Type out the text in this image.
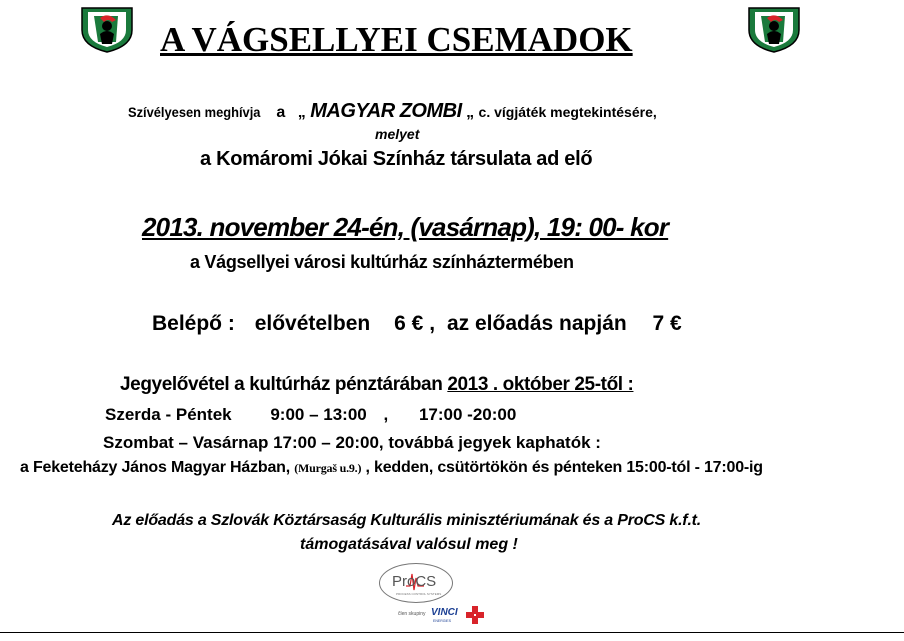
A VÁGSELLYEI CSEMADOK
Szívélyesen meghívja a „ MAGYAR ZOMBI „ c. vígjáték megtekintésére,
melyet
a Komáromi Jókai Színház társulata ad elő
2013. november 24-én, (vasárnap), 19: 00- kor
a Vágsellyei városi kultúrház színháztermében
Belépő : elővételben 6 € , az előadás napján 7 €
Jegyelővétel a kultúrház pénztárában 2013 . október 25-től :
Szerda - Péntek 9:00 – 13:00 , 17:00 -20:00
Szombat – Vasárnap 17:00 – 20:00, továbbá jegyek kaphatók :
a Feketeházy János Magyar Házban, (Murgaš u.9.) , kedden, csütörtökön és pénteken 15:00-tól - 17:00-ig
Az előadás a Szlovák Köztársaság Kulturális minisztériumának és a ProCS k.f.t.
támogatásával valósul meg !
ProCS
PROCESS CONTROL SYSTEMS
člen skupiny VINCI
ENERGIES
